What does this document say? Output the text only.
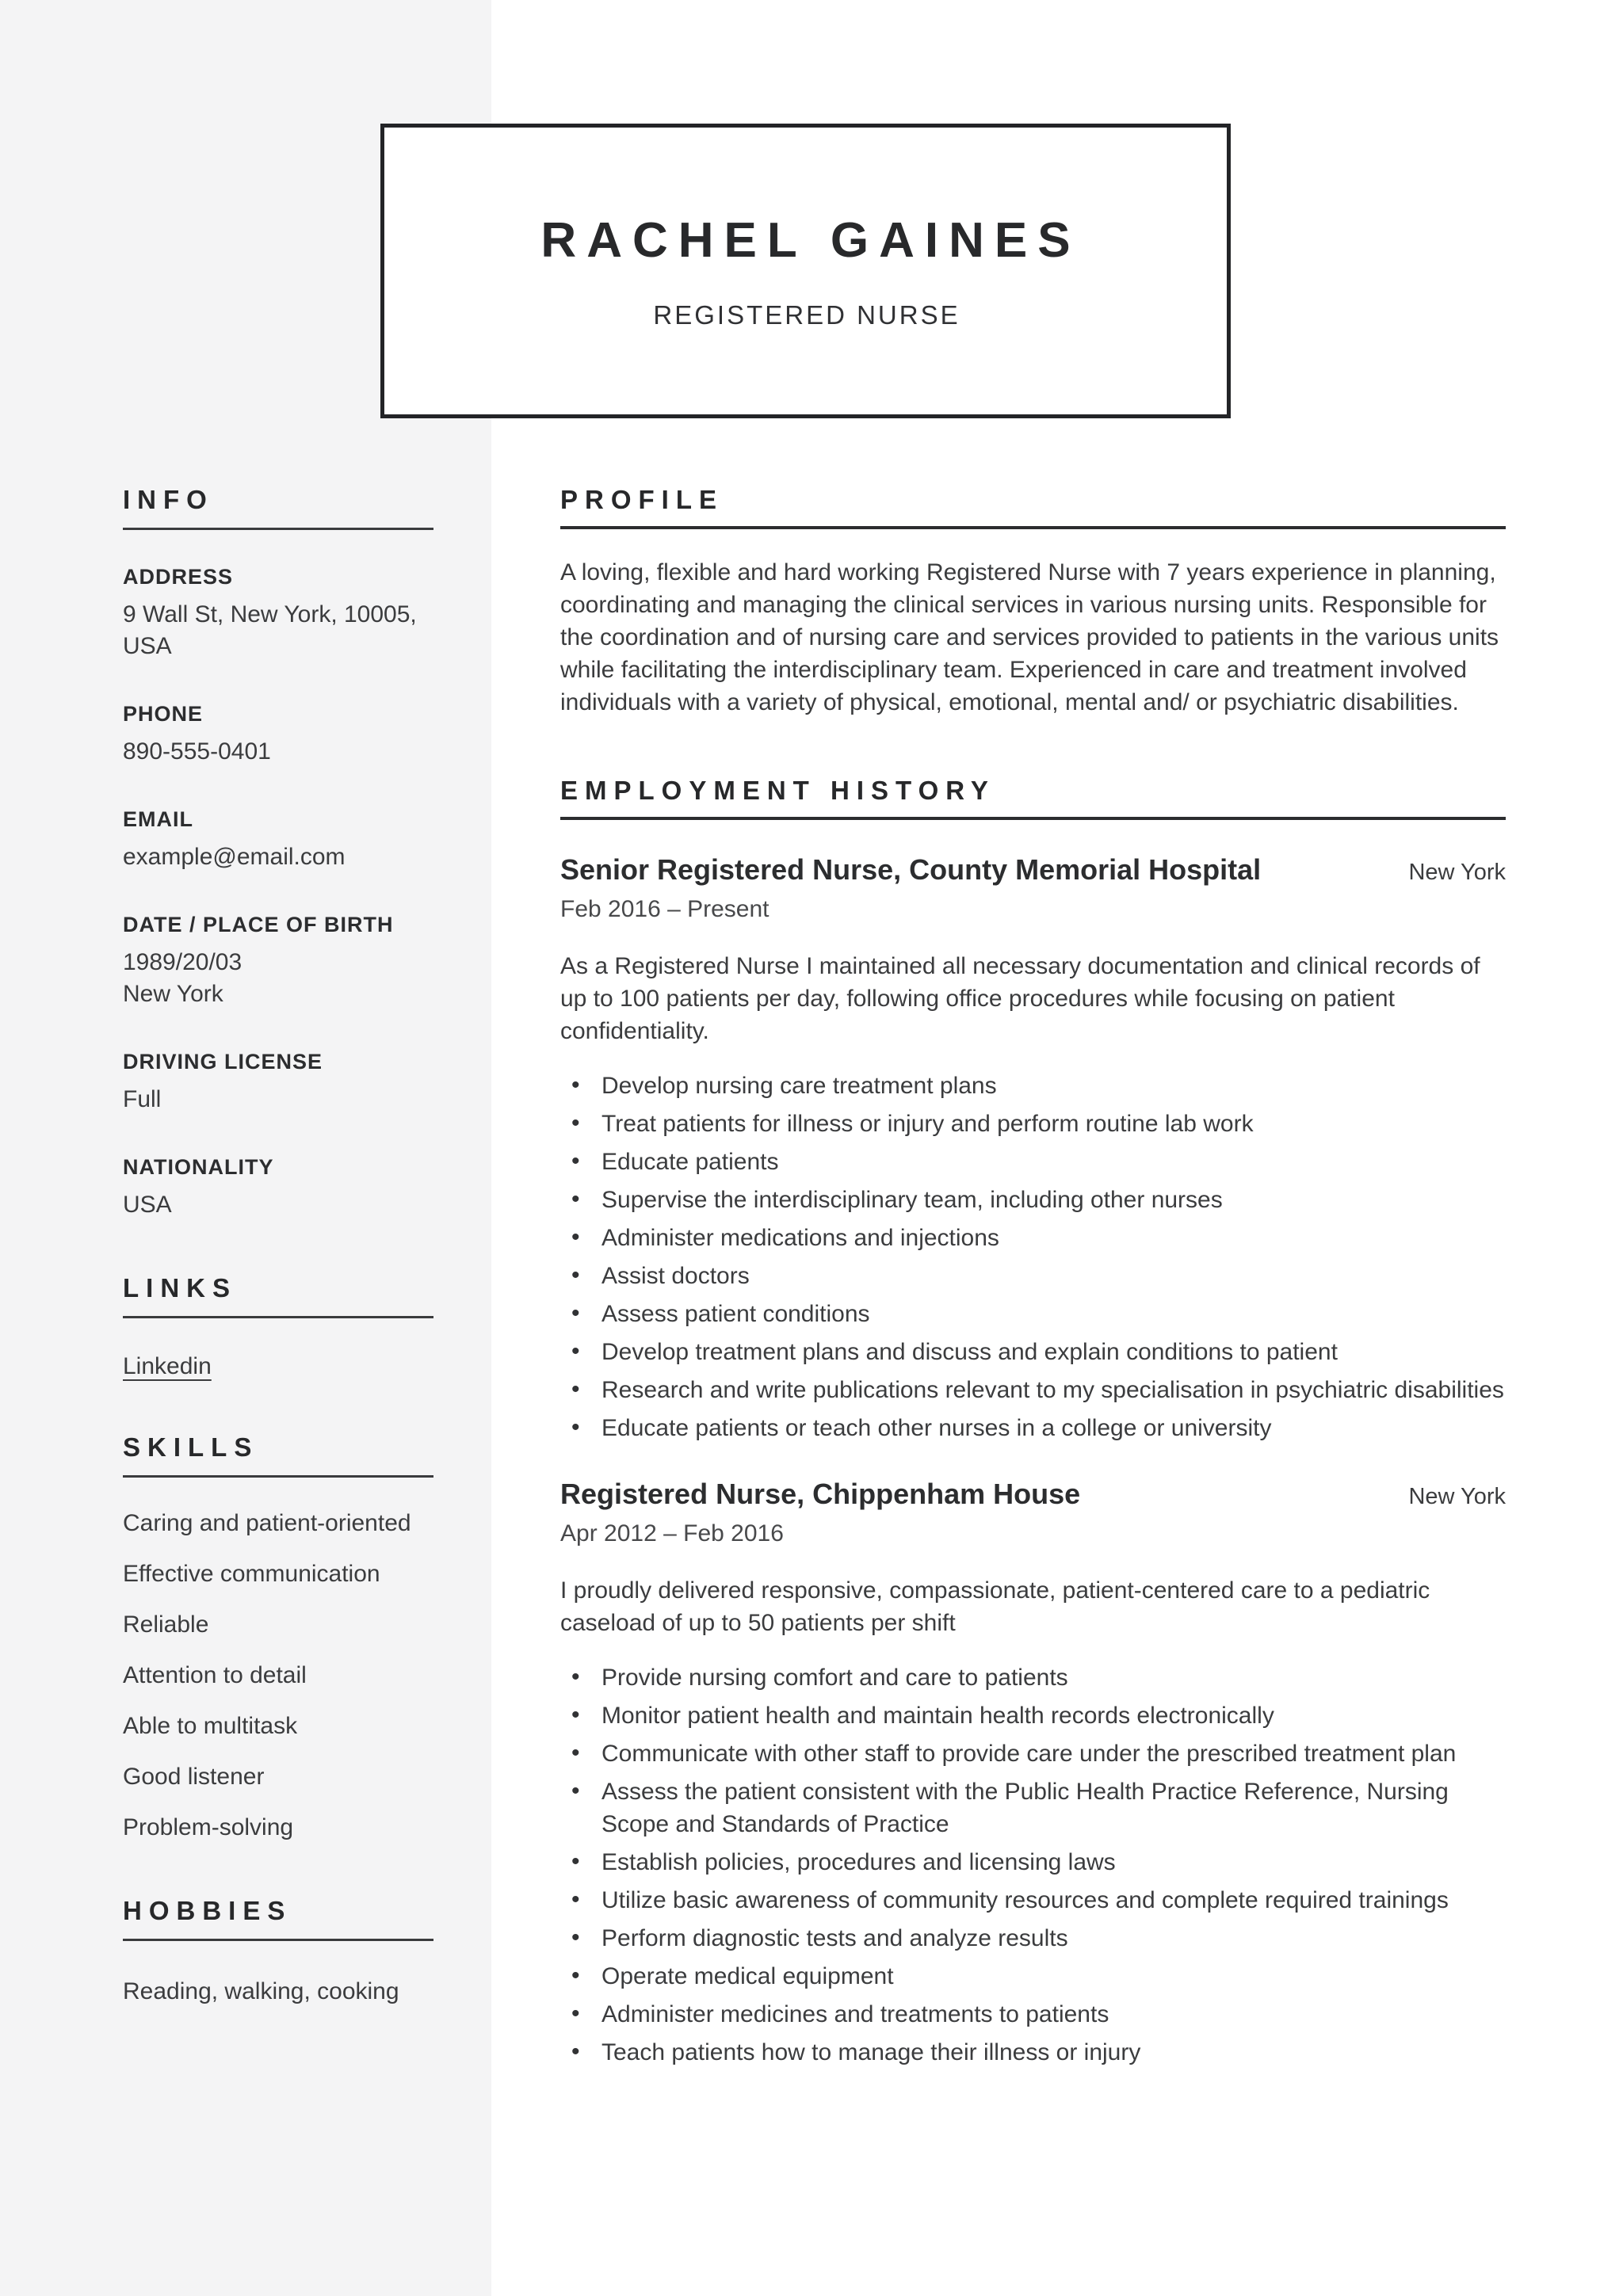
RACHEL GAINES
REGISTERED NURSE
INFO
ADDRESS
9 Wall St, New York, 10005, USA
PHONE
890-555-0401
EMAIL
example@email.com
DATE / PLACE OF BIRTH
1989/20/03
New York
DRIVING LICENSE
Full
NATIONALITY
USA
LINKS
Linkedin
SKILLS
Caring and patient-oriented
Effective communication
Reliable
Attention to detail
Able to multitask
Good listener
Problem-solving
HOBBIES
Reading, walking, cooking
PROFILE

A loving, flexible and hard working Registered Nurse with 7 years experience in planning, coordinating and managing the clinical services in various nursing units. Responsible for the coordination and of nursing care and services provided to patients in the various units while facilitating the interdisciplinary team. Experienced in care and treatment involved individuals with a variety of physical, emotional, mental and/ or psychiatric disabilities.

EMPLOYMENT HISTORY
Senior Registered Nurse, County Memorial Hospital	New York
Feb 2016 – Present

As a Registered Nurse I maintained all necessary documentation and clinical records of up to 100 patients per day, following office procedures while focusing on patient confidentiality.

• Develop nursing care treatment plans
• Treat patients for illness or injury and perform routine lab work
• Educate patients
• Supervise the interdisciplinary team, including other nurses
• Administer medications and injections
• Assist doctors
• Assess patient conditions
• Develop treatment plans and discuss and explain conditions to patient
• Research and write publications relevant to my specialisation in psychiatric disabilities
• Educate patients or teach other nurses in a college or university
Registered Nurse, Chippenham House	New York
Apr 2012 – Feb 2016

I proudly delivered responsive, compassionate, patient-centered care to a pediatric caseload of up to 50 patients per shift

• Provide nursing comfort and care to patients
• Monitor patient health and maintain health records electronically
• Communicate with other staff to provide care under the prescribed treatment plan
• Assess the patient consistent with the Public Health Practice Reference, Nursing Scope and Standards of Practice
• Establish policies, procedures and licensing laws
• Utilize basic awareness of community resources and complete required trainings
• Perform diagnostic tests and analyze results
• Operate medical equipment
• Administer medicines and treatments to patients
• Teach patients how to manage their illness or injury
